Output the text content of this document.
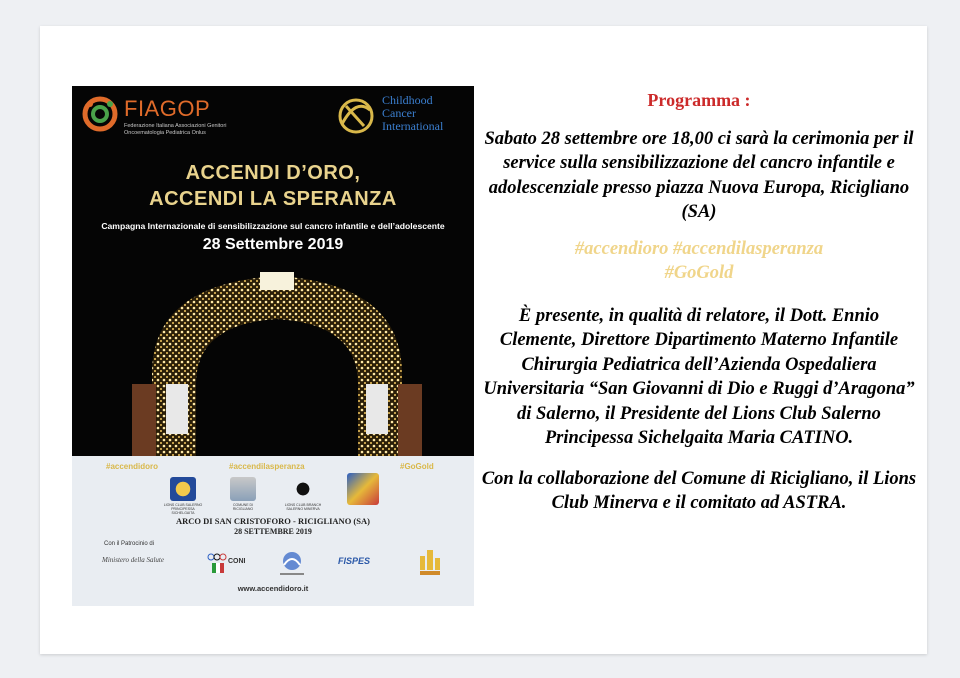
FIAGOP
Federazione Italiana Associazioni Genitori Oncoematologia Pediatrica Onlus
Childhood
Cancer
International
ACCENDI D’ORO,
ACCENDI LA SPERANZA
Campagna Internazionale di sensibilizzazione sul cancro infantile e dell’adolescente
28 Settembre 2019
#accendidoro	#accendilasperanza	#GoGold
LIONS CLUB SALERNO PRINCIPESSA SICHELGAITA
COMUNE DI RICIGLIANO
LIONS CLUB BRANCH SALERNO MINERVA
ARCO DI SAN CRISTOFORO - RICIGLIANO (SA)
28 SETTEMBRE 2019
Con il Patrocinio di
Ministero della Salute	CONI	FISPES
www.accendidoro.it
Programma :

Sabato 28 settembre ore 18,00 ci sarà la cerimonia per il service sulla sensibilizzazione del cancro infantile e adolescenziale presso piazza Nuova Europa, Ricigliano (SA)

#accendioro #accendilasperanza
#GoGold

È presente, in qualità di relatore, il Dott. Ennio Clemente, Direttore Dipartimento Materno Infantile Chirurgia Pediatrica dell’Azienda Ospedaliera Universitaria “San Giovanni di Dio e Ruggi d’Aragona” di Salerno, il Presidente del Lions Club Salerno Principessa Sichelgaita Maria CATINO.

Con la collaborazione del Comune di Ricigliano, il Lions Club Minerva e il comitato ad ASTRA.
